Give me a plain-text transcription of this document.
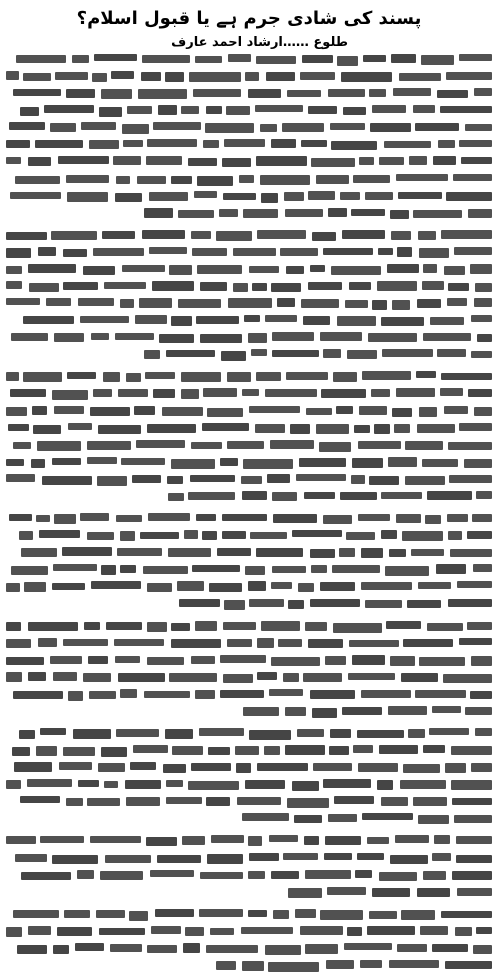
پسند کی شادی جرم ہے یا قبول اسلام؟
طلوع ……ارشاد احمد عارف
